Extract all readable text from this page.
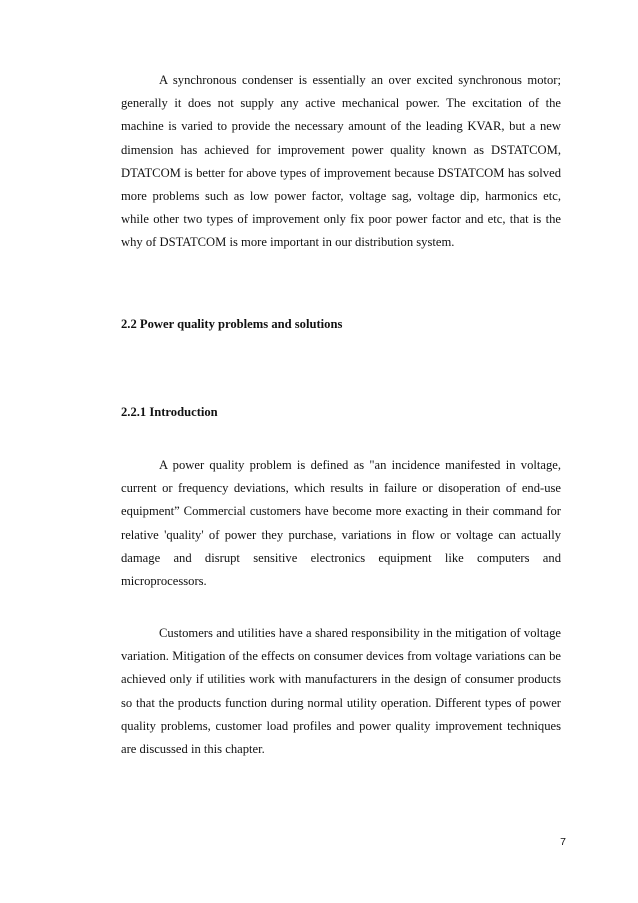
A synchronous condenser is essentially an over excited synchronous motor; generally it does not supply any active mechanical power. The excitation of the machine is varied to provide the necessary amount of the leading KVAR, but a new dimension has achieved for improvement power quality known as DSTATCOM, DTATCOM is better for above types of improvement because DSTATCOM has solved more problems such as low power factor, voltage sag, voltage dip, harmonics etc, while other two types of improvement only fix poor power factor and etc, that is the why of DSTATCOM is more important in our distribution system.

2.2 Power quality problems and solutions
2.2.1 Introduction

A power quality problem is defined as "an incidence manifested in voltage, current or frequency deviations, which results in failure or disoperation of end-use equipment” Commercial customers have become more exacting in their command for relative 'quality' of power they purchase, variations in flow or voltage can actually damage and disrupt sensitive electronics equipment like computers and microprocessors.

Customers and utilities have a shared responsibility in the mitigation of voltage variation. Mitigation of the effects on consumer devices from voltage variations can be achieved only if utilities work with manufacturers in the design of consumer products so that the products function during normal utility operation. Different types of power quality problems, customer load profiles and power quality improvement techniques are discussed in this chapter.

7
